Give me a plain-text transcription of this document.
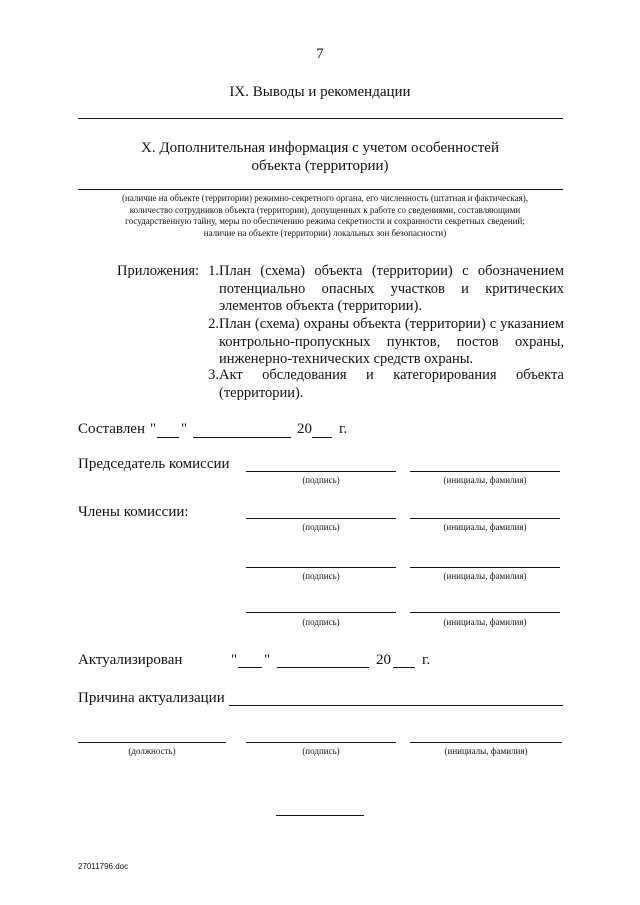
7
IX. Выводы и рекомендации
X. Дополнительная информация с учетом особенностей
объекта (территории)
(наличие на объекте (территории) режимно-секретного органа, его численность (штатная и фактическая),
количество сотрудников объекта (территории), допущенных к работе со сведениями, составляющими
государственную тайну, меры по обеспечению режима секретности и сохранности секретных сведений;
наличие на объекте (территории) локальных зон безопасности)
Приложения: 1. План (схема) объекта (территории) с обозначением потенциально опасных участков и критических элементов объекта (территории).
2. План (схема) охраны объекта (территории) с указанием контрольно-пропускных пунктов, постов охраны, инженерно-технических средств охраны.
3. Акт обследования и категорирования объекта (территории).
Составлен " "	20 г.
Председатель комиссии
(подпись)	(инициалы, фамилия)
Члены комиссии:
(подпись)	(инициалы, фамилия)
(подпись)	(инициалы, фамилия)
(подпись)	(инициалы, фамилия)
Актуализирован	" "	20 г.
Причина актуализации
(должность)	(подпись)	(инициалы, фамилия)
27011796.doc
